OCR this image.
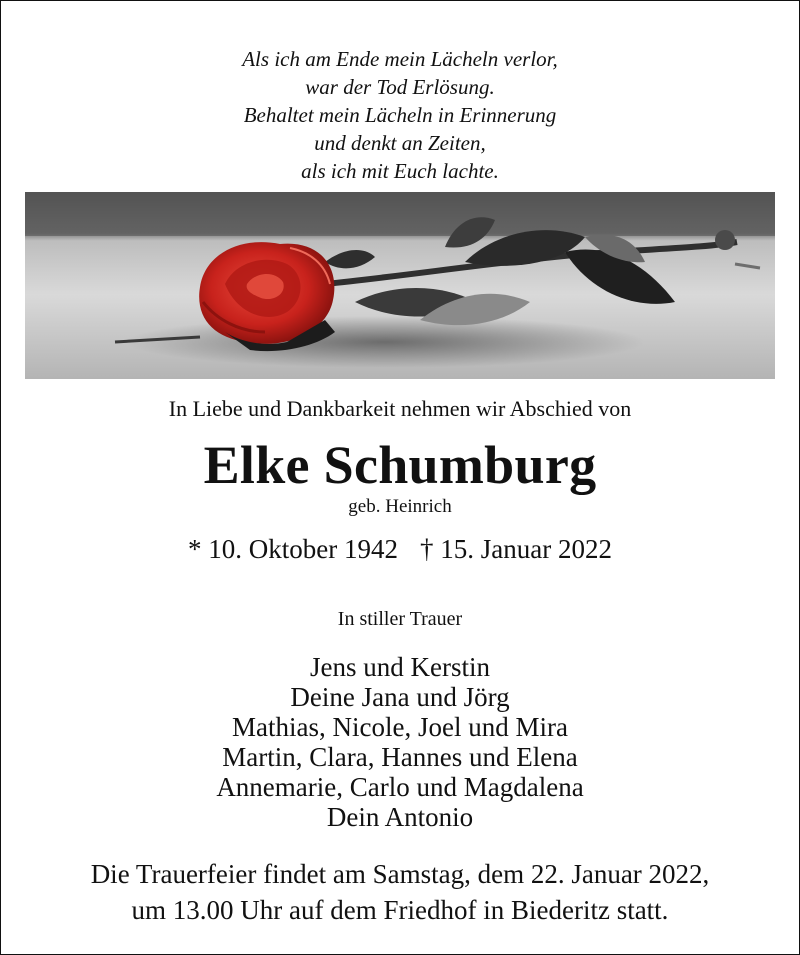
Als ich am Ende mein Lächeln verlor,
war der Tod Erlösung.
Behaltet mein Lächeln in Erinnerung
und denkt an Zeiten,
als ich mit Euch lachte.
In Liebe und Dankbarkeit nehmen wir Abschied von
Elke Schumburg
geb. Heinrich
* 10. Oktober 1942 † 15. Januar 2022
In stiller Trauer
Jens und Kerstin
Deine Jana und Jörg
Mathias, Nicole, Joel und Mira
Martin, Clara, Hannes und Elena
Annemarie, Carlo und Magdalena
Dein Antonio
Die Trauerfeier findet am Samstag, dem 22. Januar 2022,
um 13.00 Uhr auf dem Friedhof in Biederitz statt.
